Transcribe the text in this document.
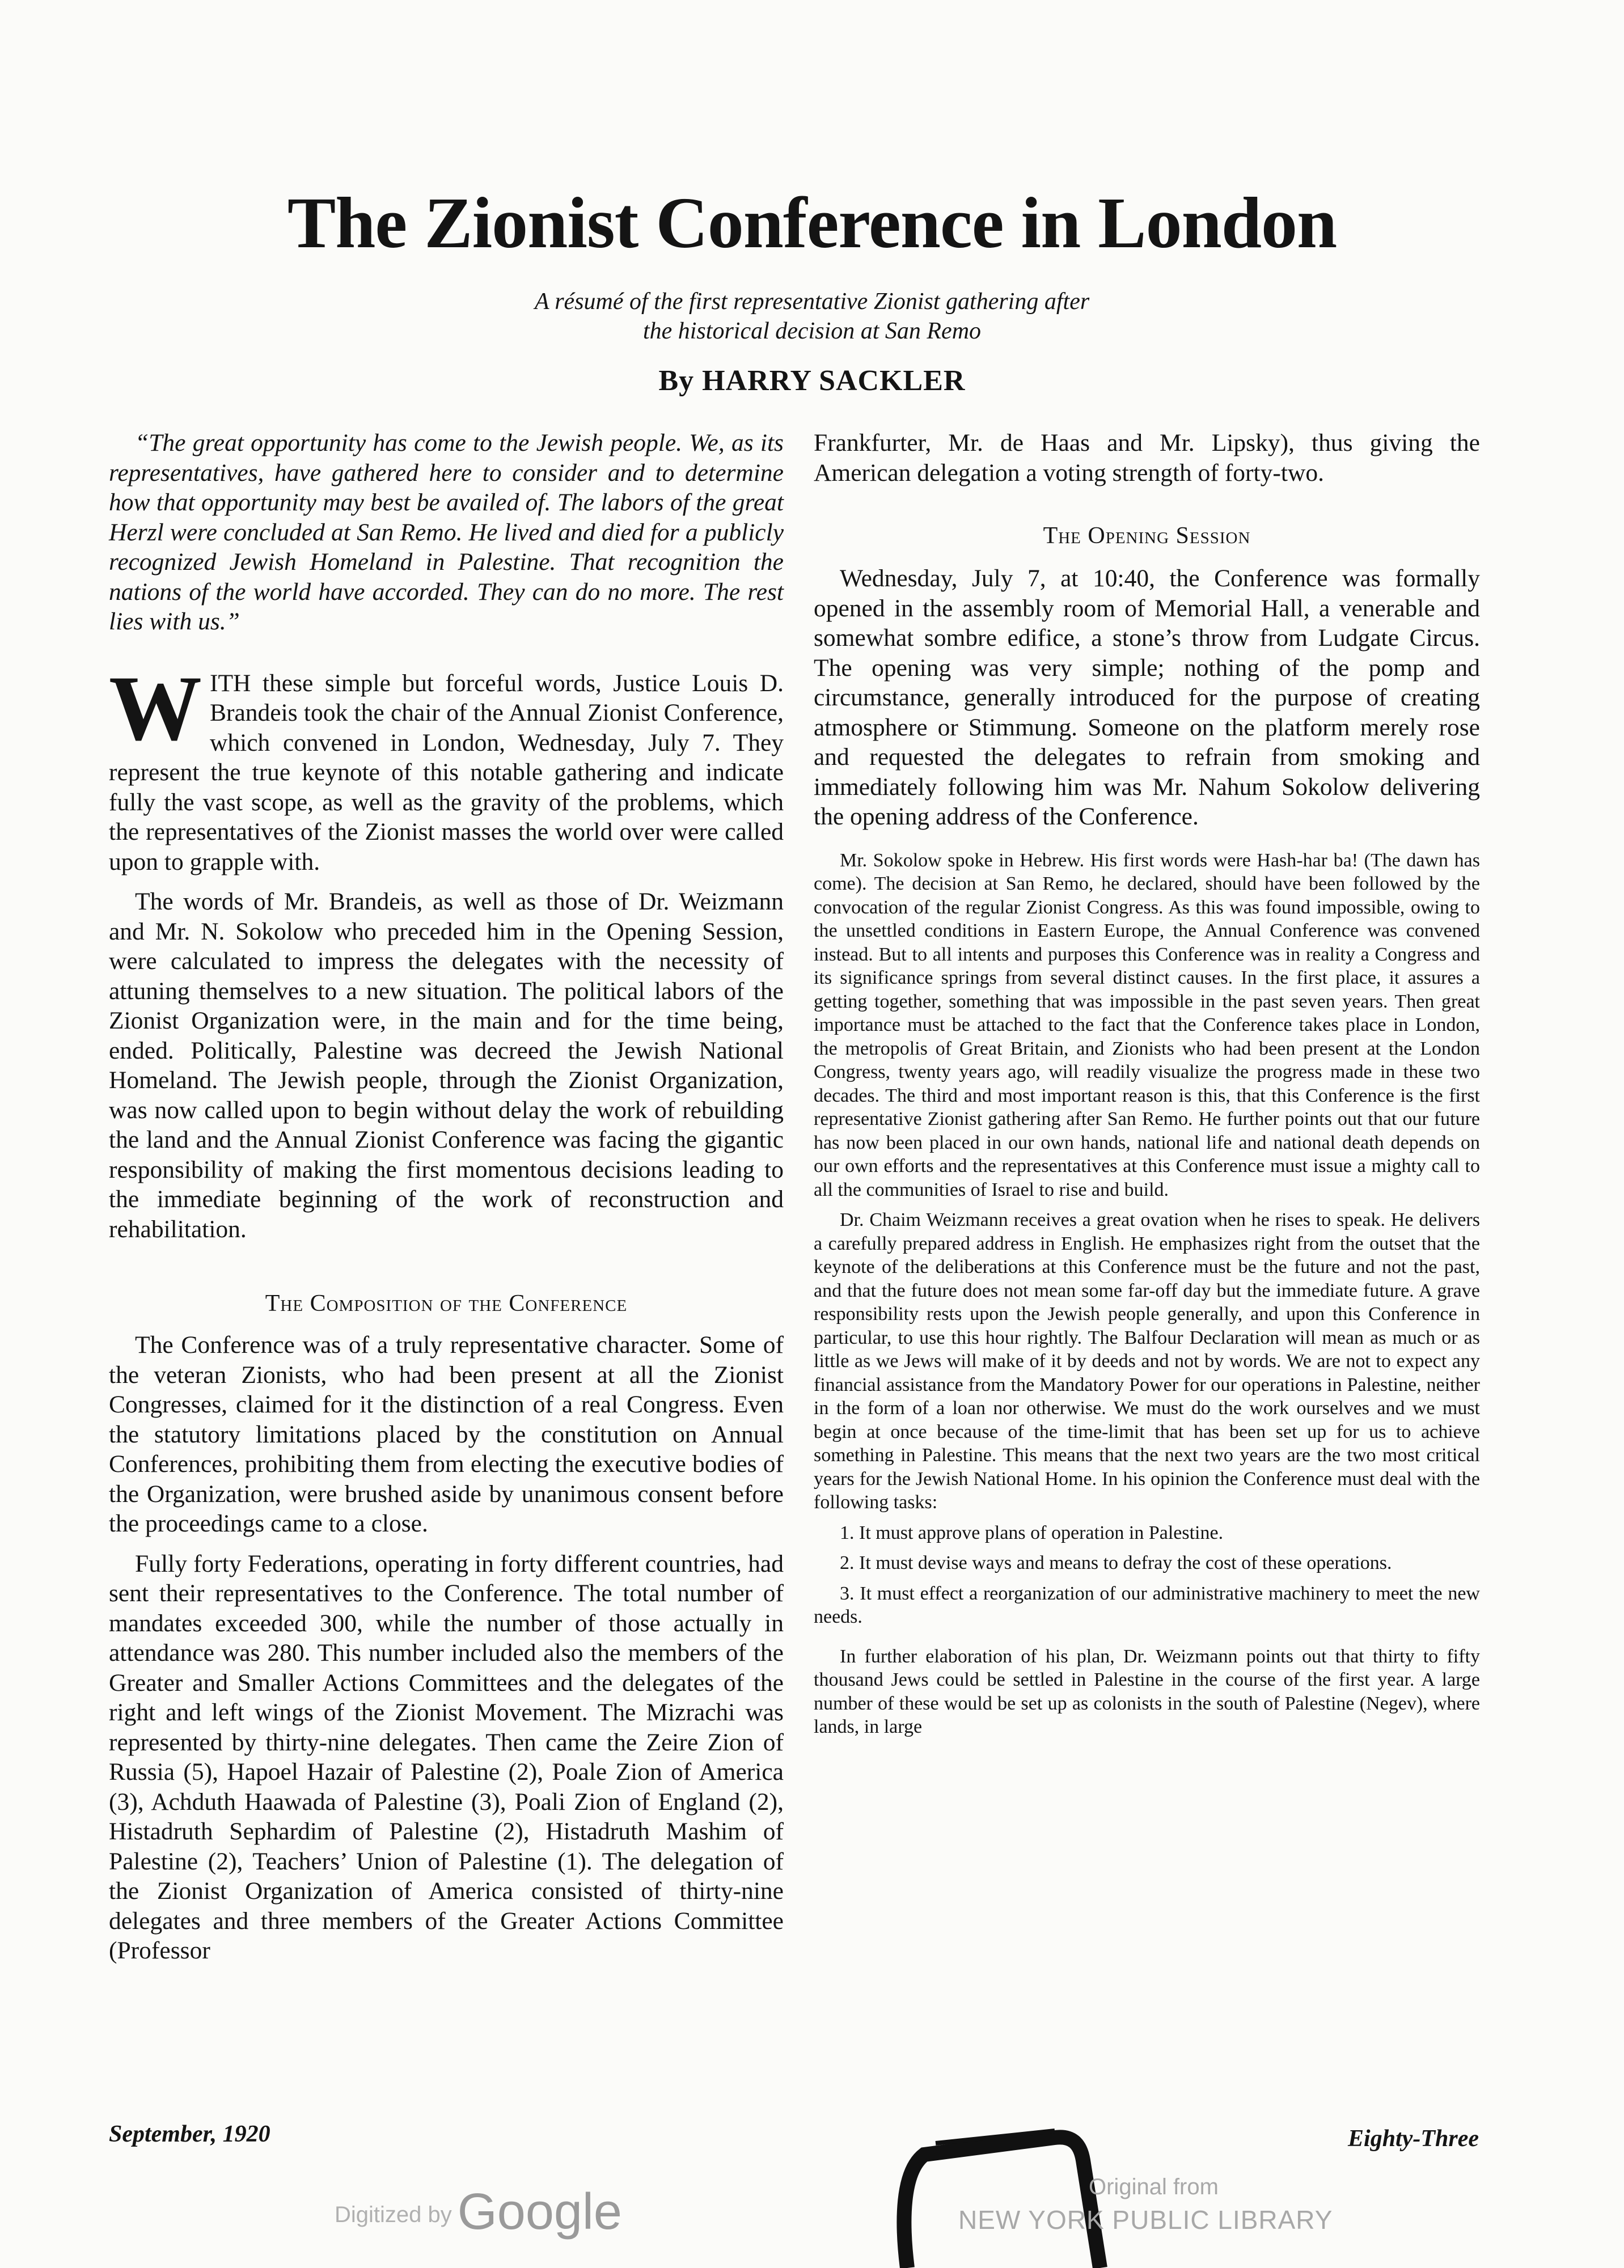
The Zionist Conference in London
A résumé of the first representative Zionist gathering after
the historical decision at San Remo
By HARRY SACKLER

“The great opportunity has come to the Jewish people. We, as its representatives, have gathered here to consider and to determine how that opportunity may best be availed of. The labors of the great Herzl were concluded at San Remo. He lived and died for a publicly recognized Jewish Homeland in Palestine. That recognition the nations of the world have accorded. They can do no more. The rest lies with us.”

WITH these simple but forceful words, Justice Louis D. Brandeis took the chair of the Annual Zionist Conference, which convened in London, Wednesday, July 7. They represent the true keynote of this notable gathering and indicate fully the vast scope, as well as the gravity of the problems, which the representatives of the Zionist masses the world over were called upon to grapple with.

The words of Mr. Brandeis, as well as those of Dr. Weizmann and Mr. N. Sokolow who preceded him in the Opening Session, were calculated to impress the delegates with the necessity of attuning themselves to a new situation. The political labors of the Zionist Organization were, in the main and for the time being, ended. Politically, Palestine was decreed the Jewish National Homeland. The Jewish people, through the Zionist Organization, was now called upon to begin without delay the work of rebuilding the land and the Annual Zionist Conference was facing the gigantic responsibility of making the first momentous decisions leading to the immediate beginning of the work of reconstruction and rehabilitation.

The Composition of the Conference

The Conference was of a truly representative character. Some of the veteran Zionists, who had been present at all the Zionist Congresses, claimed for it the distinction of a real Congress. Even the statutory limitations placed by the constitution on Annual Conferences, prohibiting them from electing the executive bodies of the Organization, were brushed aside by unanimous consent before the proceedings came to a close.

Fully forty Federations, operating in forty different countries, had sent their representatives to the Conference. The total number of mandates exceeded 300, while the number of those actually in attendance was 280. This number included also the members of the Greater and Smaller Actions Committees and the delegates of the right and left wings of the Zionist Movement. The Mizrachi was represented by thirty-nine delegates. Then came the Zeire Zion of Russia (5), Hapoel Hazair of Palestine (2), Poale Zion of America (3), Achduth Haawada of Palestine (3), Poali Zion of England (2), Histadruth Sephardim of Palestine (2), Histadruth Mashim of Palestine (2), Teachers’ Union of Palestine (1). The delegation of the Zionist Organization of America consisted of thirty-nine delegates and three members of the Greater Actions Committee (Professor

Frankfurter, Mr. de Haas and Mr. Lipsky), thus giving the American delegation a voting strength of forty-two.

The Opening Session

Wednesday, July 7, at 10:40, the Conference was formally opened in the assembly room of Memorial Hall, a venerable and somewhat sombre edifice, a stone’s throw from Ludgate Circus. The opening was very simple; nothing of the pomp and circumstance, generally introduced for the purpose of creating atmosphere or Stimmung. Someone on the platform merely rose and requested the delegates to refrain from smoking and immediately following him was Mr. Nahum Sokolow delivering the opening address of the Conference.

Mr. Sokolow spoke in Hebrew. His first words were Hash-har ba! (The dawn has come). The decision at San Remo, he declared, should have been followed by the convocation of the regular Zionist Congress. As this was found impossible, owing to the unsettled conditions in Eastern Europe, the Annual Conference was convened instead. But to all intents and purposes this Conference was in reality a Congress and its significance springs from several distinct causes. In the first place, it assures a getting together, something that was impossible in the past seven years. Then great importance must be attached to the fact that the Conference takes place in London, the metropolis of Great Britain, and Zionists who had been present at the London Congress, twenty years ago, will readily visualize the progress made in these two decades. The third and most important reason is this, that this Conference is the first representative Zionist gathering after San Remo. He further points out that our future has now been placed in our own hands, national life and national death depends on our own efforts and the representatives at this Conference must issue a mighty call to all the communities of Israel to rise and build.

Dr. Chaim Weizmann receives a great ovation when he rises to speak. He delivers a carefully prepared address in English. He emphasizes right from the outset that the keynote of the deliberations at this Conference must be the future and not the past, and that the future does not mean some far-off day but the immediate future. A grave responsibility rests upon the Jewish people generally, and upon this Conference in particular, to use this hour rightly. The Balfour Declaration will mean as much or as little as we Jews will make of it by deeds and not by words. We are not to expect any financial assistance from the Mandatory Power for our operations in Palestine, neither in the form of a loan nor otherwise. We must do the work ourselves and we must begin at once because of the time-limit that has been set up for us to achieve something in Palestine. This means that the next two years are the two most critical years for the Jewish National Home. In his opinion the Conference must deal with the following tasks:

1. It must approve plans of operation in Palestine.

2. It must devise ways and means to defray the cost of these operations.

3. It must effect a reorganization of our administrative machinery to meet the new needs.

In further elaboration of his plan, Dr. Weizmann points out that thirty to fifty thousand Jews could be settled in Palestine in the course of the first year. A large number of these would be set up as colonists in the south of Palestine (Negev), where lands, in large

September, 1920	Eighty-Three
Digitized by Google	Original from
NEW YORK PUBLIC LIBRARY
